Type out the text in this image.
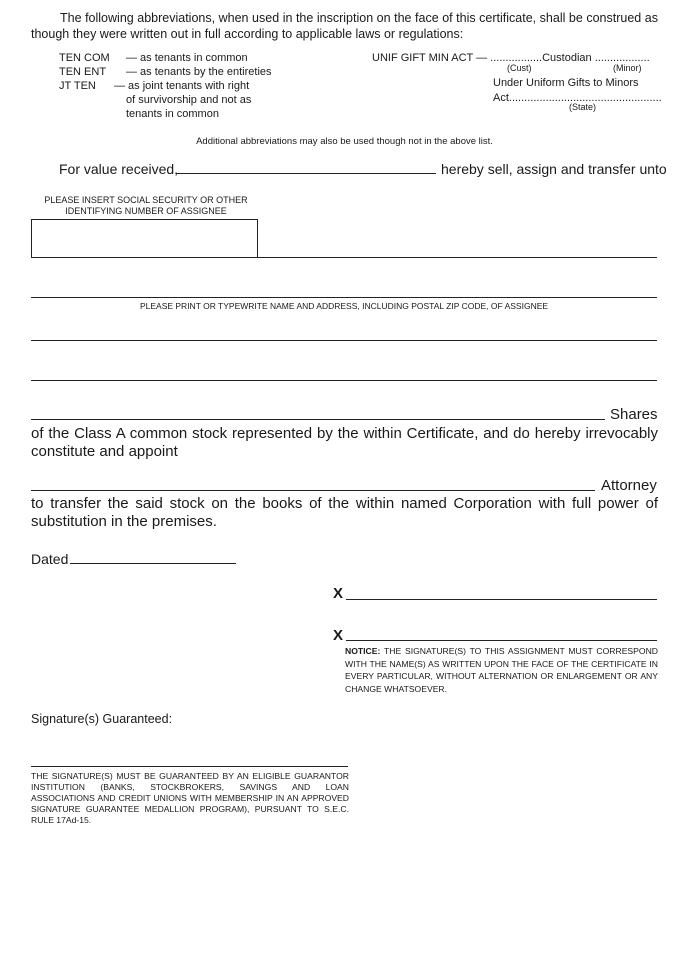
The following abbreviations, when used in the inscription on the face of this certificate, shall be construed as though they were written out in full according to applicable laws or regulations:
TEN COM	— as tenants in common
TEN ENT	— as tenants by the entireties
JT TEN	— as joint tenants with right
of survivorship and not as
tenants in common
UNIF GIFT MIN ACT — .................Custodian ..................
(Cust)	(Minor)
Under Uniform Gifts to Minors
Act..................................................
(State)
Additional abbreviations may also be used though not in the above list.
For value received,	hereby sell, assign and transfer unto
PLEASE INSERT SOCIAL SECURITY OR OTHER
IDENTIFYING NUMBER OF ASSIGNEE
PLEASE PRINT OR TYPEWRITE NAME AND ADDRESS, INCLUDING POSTAL ZIP CODE, OF ASSIGNEE
Shares
of the Class A common stock represented by the within Certificate, and do hereby irrevocably constitute and appoint
Attorney
to transfer the said stock on the books of the within named Corporation with full power of substitution in the premises.
Dated
X
X
NOTICE: THE SIGNATURE(S) TO THIS ASSIGNMENT MUST CORRESPOND WITH THE NAME(S) AS WRITTEN UPON THE FACE OF THE CERTIFICATE IN EVERY PARTICULAR, WITHOUT ALTERNATION OR ENLARGEMENT OR ANY CHANGE WHATSOEVER.
Signature(s) Guaranteed:
THE SIGNATURE(S) MUST BE GUARANTEED BY AN ELIGIBLE GUARANTOR INSTITUTION (BANKS, STOCKBROKERS, SAVINGS AND LOAN ASSOCIATIONS AND CREDIT UNIONS WITH MEMBERSHIP IN AN APPROVED SIGNATURE GUARANTEE MEDALLION PROGRAM), PURSUANT TO S.E.C. RULE 17Ad-15.
